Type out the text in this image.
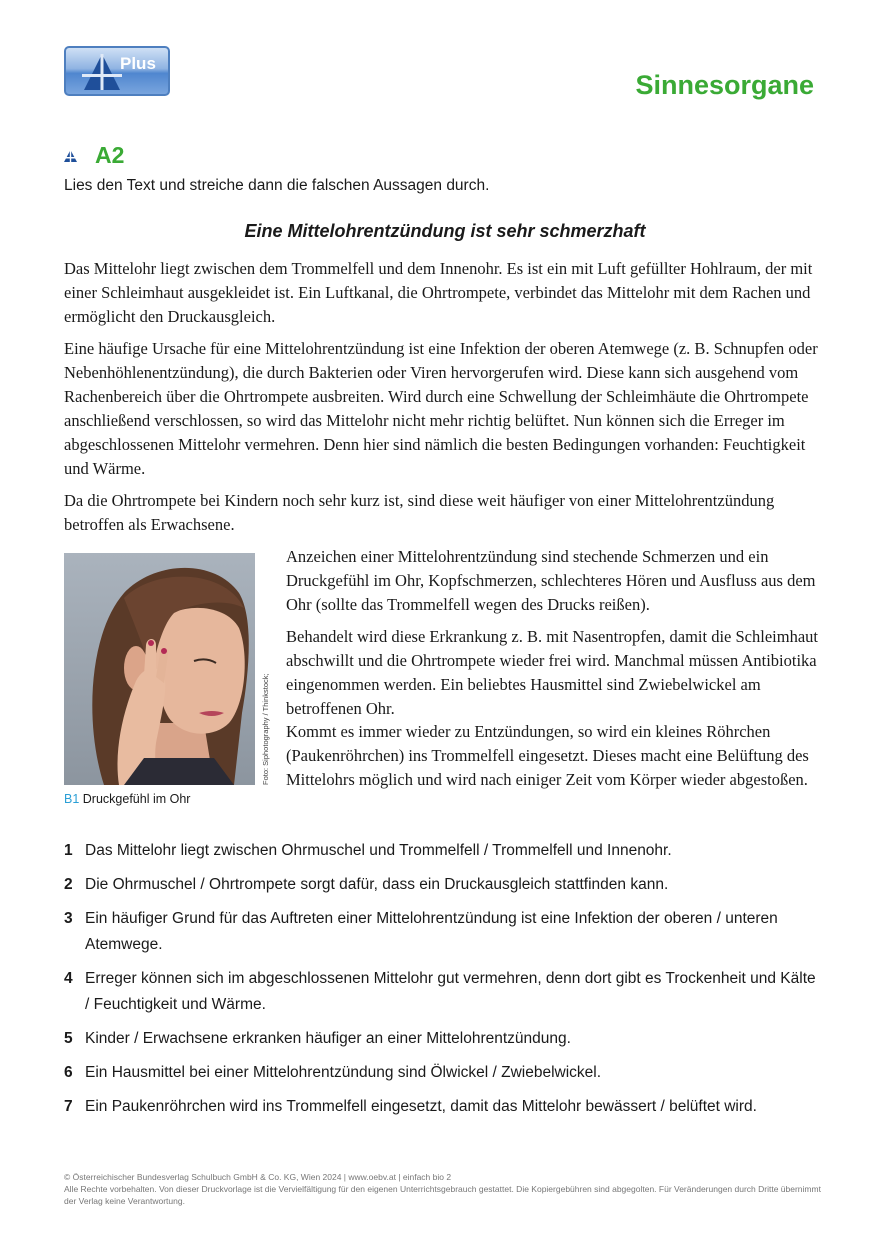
Plus
Sinnesorgane
A2
Lies den Text und streiche dann die falschen Aussagen durch.
Eine Mittelohrentzündung ist sehr schmerzhaft

Das Mittelohr liegt zwischen dem Trommelfell und dem Innenohr. Es ist ein mit Luft gefüllter Hohlraum, der mit einer Schleimhaut ausgekleidet ist. Ein Luftkanal, die Ohrtrompete, verbindet das Mittelohr mit dem Rachen und ermöglicht den Druckausgleich.

Eine häufige Ursache für eine Mittelohrentzündung ist eine Infektion der oberen Atemwege (z. B. Schnupfen oder Nebenhöhlenentzündung), die durch Bakterien oder Viren hervorgerufen wird. Diese kann sich ausgehend vom Rachenbereich über die Ohrtrompete ausbreiten. Wird durch eine Schwellung der Schleimhäute die Ohrtrompete anschließend verschlossen, so wird das Mittelohr nicht mehr richtig belüftet. Nun können sich die Erreger im abgeschlossenen Mittelohr vermehren. Denn hier sind nämlich die besten Bedingungen vorhanden: Feuchtigkeit und Wärme.

Da die Ohrtrompete bei Kindern noch sehr kurz ist, sind diese weit häufiger von einer Mittelohrentzündung betroffen als Erwachsene.

Foto: Siphotography / Thinkstock;
B1 Druckgefühl im Ohr

Anzeichen einer Mittelohrentzündung sind stechende Schmerzen und ein Druckgefühl im Ohr, Kopfschmerzen, schlechteres Hören und Ausfluss aus dem Ohr (sollte das Trommelfell wegen des Drucks reißen).

Behandelt wird diese Erkrankung z. B. mit Nasentropfen, damit die Schleimhaut abschwillt und die Ohrtrompete wieder frei wird. Manchmal müssen Antibiotika eingenommen werden. Ein beliebtes Hausmittel sind Zwiebelwickel am betroffenen Ohr.

Kommt es immer wieder zu Entzündungen, so wird ein kleines Röhrchen (Paukenröhrchen) ins Trommelfell eingesetzt. Dieses macht eine Belüftung des Mittelohrs möglich und wird nach einiger Zeit vom Körper wieder abgestoßen.

1 Das Mittelohr liegt zwischen Ohrmuschel und Trommelfell / Trommelfell und Innenohr.
2 Die Ohrmuschel / Ohrtrompete sorgt dafür, dass ein Druckausgleich stattfinden kann.
3 Ein häufiger Grund für das Auftreten einer Mittelohrentzündung ist eine Infektion der oberen / unteren Atemwege.
4 Erreger können sich im abgeschlossenen Mittelohr gut vermehren, denn dort gibt es Trockenheit und Kälte / Feuchtigkeit und Wärme.
5 Kinder / Erwachsene erkranken häufiger an einer Mittelohrentzündung.
6 Ein Hausmittel bei einer Mittelohrentzündung sind Ölwickel / Zwiebelwickel.
7 Ein Paukenröhrchen wird ins Trommelfell eingesetzt, damit das Mittelohr bewässert / belüftet wird.
© Österreichischer Bundesverlag Schulbuch GmbH & Co. KG, Wien 2024 | www.oebv.at | einfach bio 2
Alle Rechte vorbehalten. Von dieser Druckvorlage ist die Vervielfältigung für den eigenen Unterrichtsgebrauch gestattet. Die Kopiergebühren sind abgegolten. Für Veränderungen durch Dritte übernimmt der Verlag keine Verantwortung.
